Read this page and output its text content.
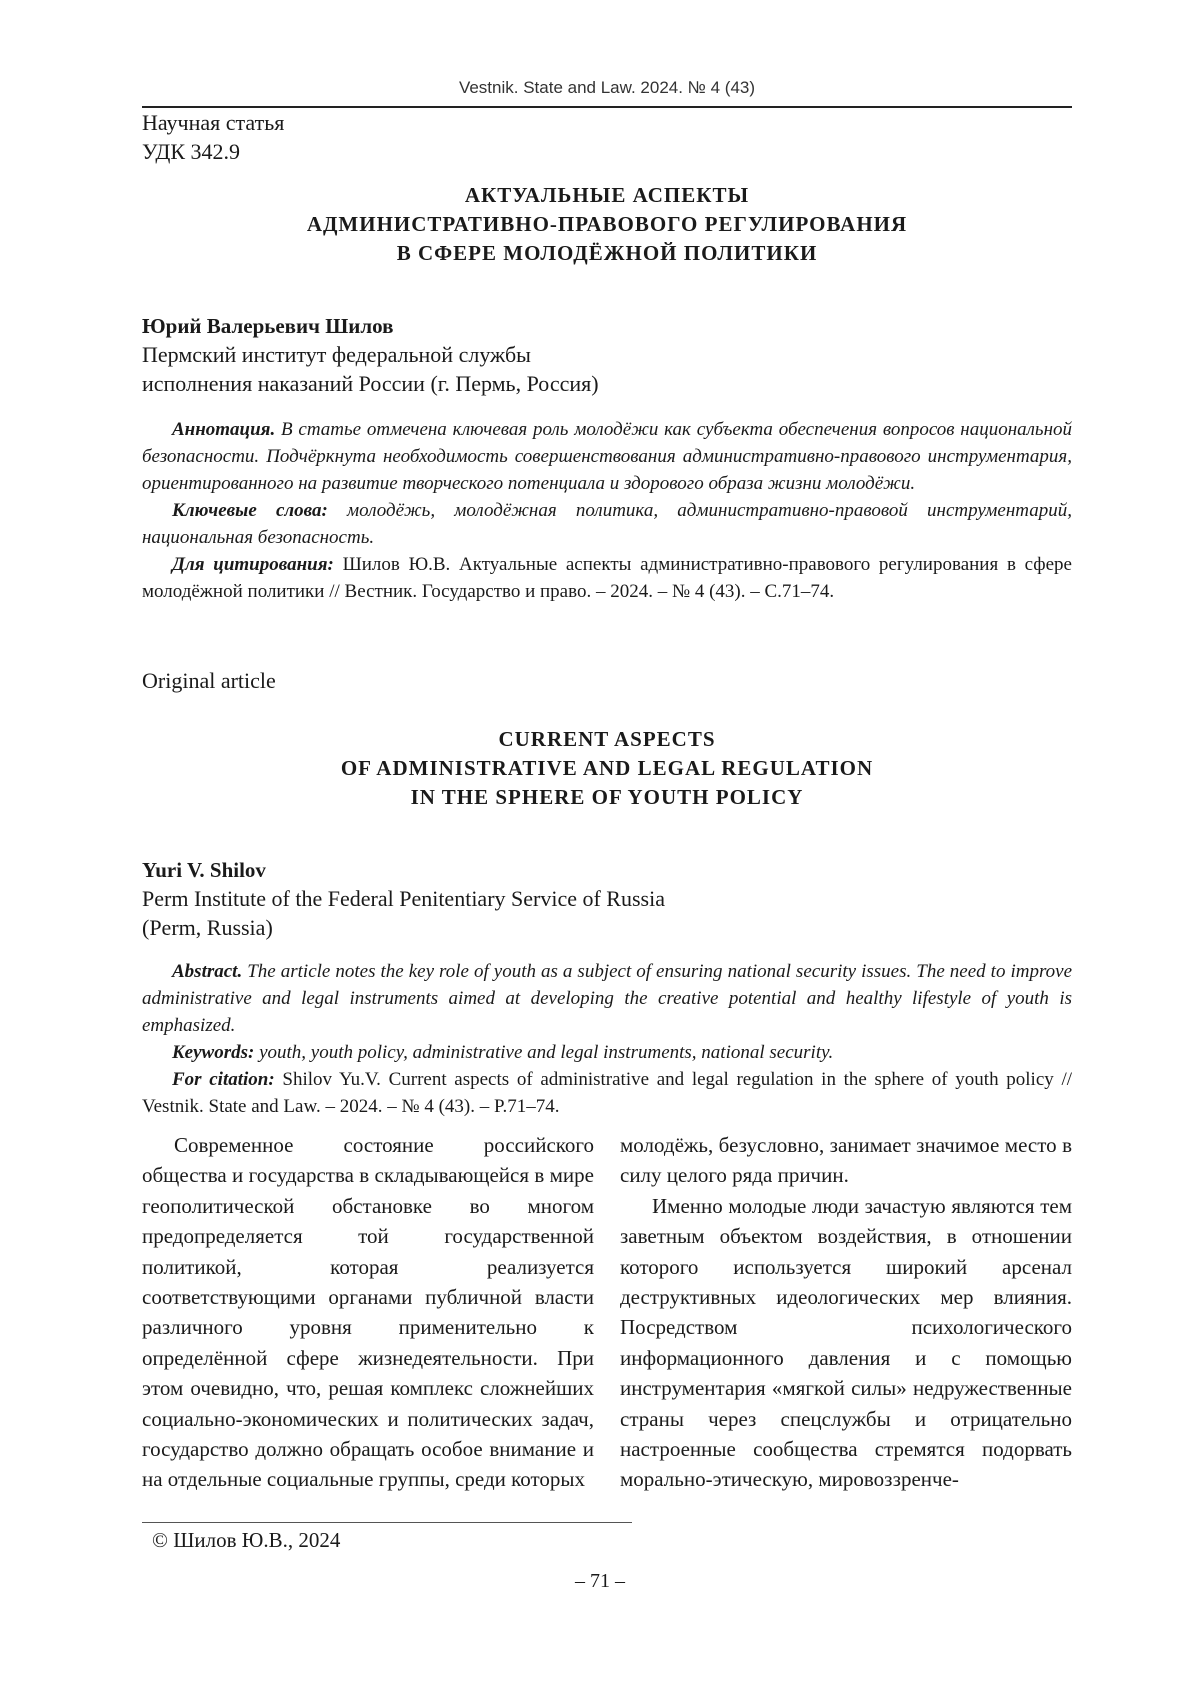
Vestnik. State and Law. 2024. № 4 (43)
Научная статья
УДК 342.9
АКТУАЛЬНЫЕ АСПЕКТЫ
АДМИНИСТРАТИВНО-ПРАВОВОГО РЕГУЛИРОВАНИЯ
В СФЕРЕ МОЛОДЁЖНОЙ ПОЛИТИКИ
Юрий Валерьевич Шилов
Пермский институт федеральной службы
исполнения наказаний России (г. Пермь, Россия)

Аннотация. В статье отмечена ключевая роль молодёжи как субъекта обеспечения вопросов национальной безопасности. Подчёркнута необходимость совершенствования административно-правового инструментария, ориентированного на развитие творческого потенциала и здорового образа жизни молодёжи.

Ключевые слова: молодёжь, молодёжная политика, административно-правовой инструментарий, национальная безопасность.

Для цитирования: Шилов Ю.В. Актуальные аспекты административно-правового регулирования в сфере молодёжной политики // Вестник. Государство и право. – 2024. – № 4 (43). – С.71–74.

Original article
CURRENT ASPECTS
OF ADMINISTRATIVE AND LEGAL REGULATION
IN THE SPHERE OF YOUTH POLICY
Yuri V. Shilov
Perm Institute of the Federal Penitentiary Service of Russia
(Perm, Russia)

Abstract. The article notes the key role of youth as a subject of ensuring national security issues. The need to improve administrative and legal instruments aimed at developing the creative potential and healthy lifestyle of youth is emphasized.

Keywords: youth, youth policy, administrative and legal instruments, national security.

For citation: Shilov Yu.V. Current aspects of administrative and legal regulation in the sphere of youth policy // Vestnik. State and Law. – 2024. – № 4 (43). – P.71–74.

Современное состояние российского общества и государства в складывающейся в мире геополитической обстановке во многом предопределяется той государственной политикой, которая реализуется соответствующими органами публичной власти различного уровня применительно к определённой сфере жизнедеятельности. При этом очевидно, что, решая комплекс сложнейших социально-экономических и политических задач, государство должно обращать особое внимание и на отдельные социальные группы, среди которых

молодёжь, безусловно, занимает значимое место в силу целого ряда причин.

Именно молодые люди зачастую являются тем заветным объектом воздействия, в отношении которого используется широкий арсенал деструктивных идеологических мер влияния. Посредством психологического информационного давления и с помощью инструментария «мягкой силы» недружественные страны через спецслужбы и отрицательно настроенные сообщества стремятся подорвать морально-этическую, мировоззренче-

© Шилов Ю.В., 2024
– 71 –
